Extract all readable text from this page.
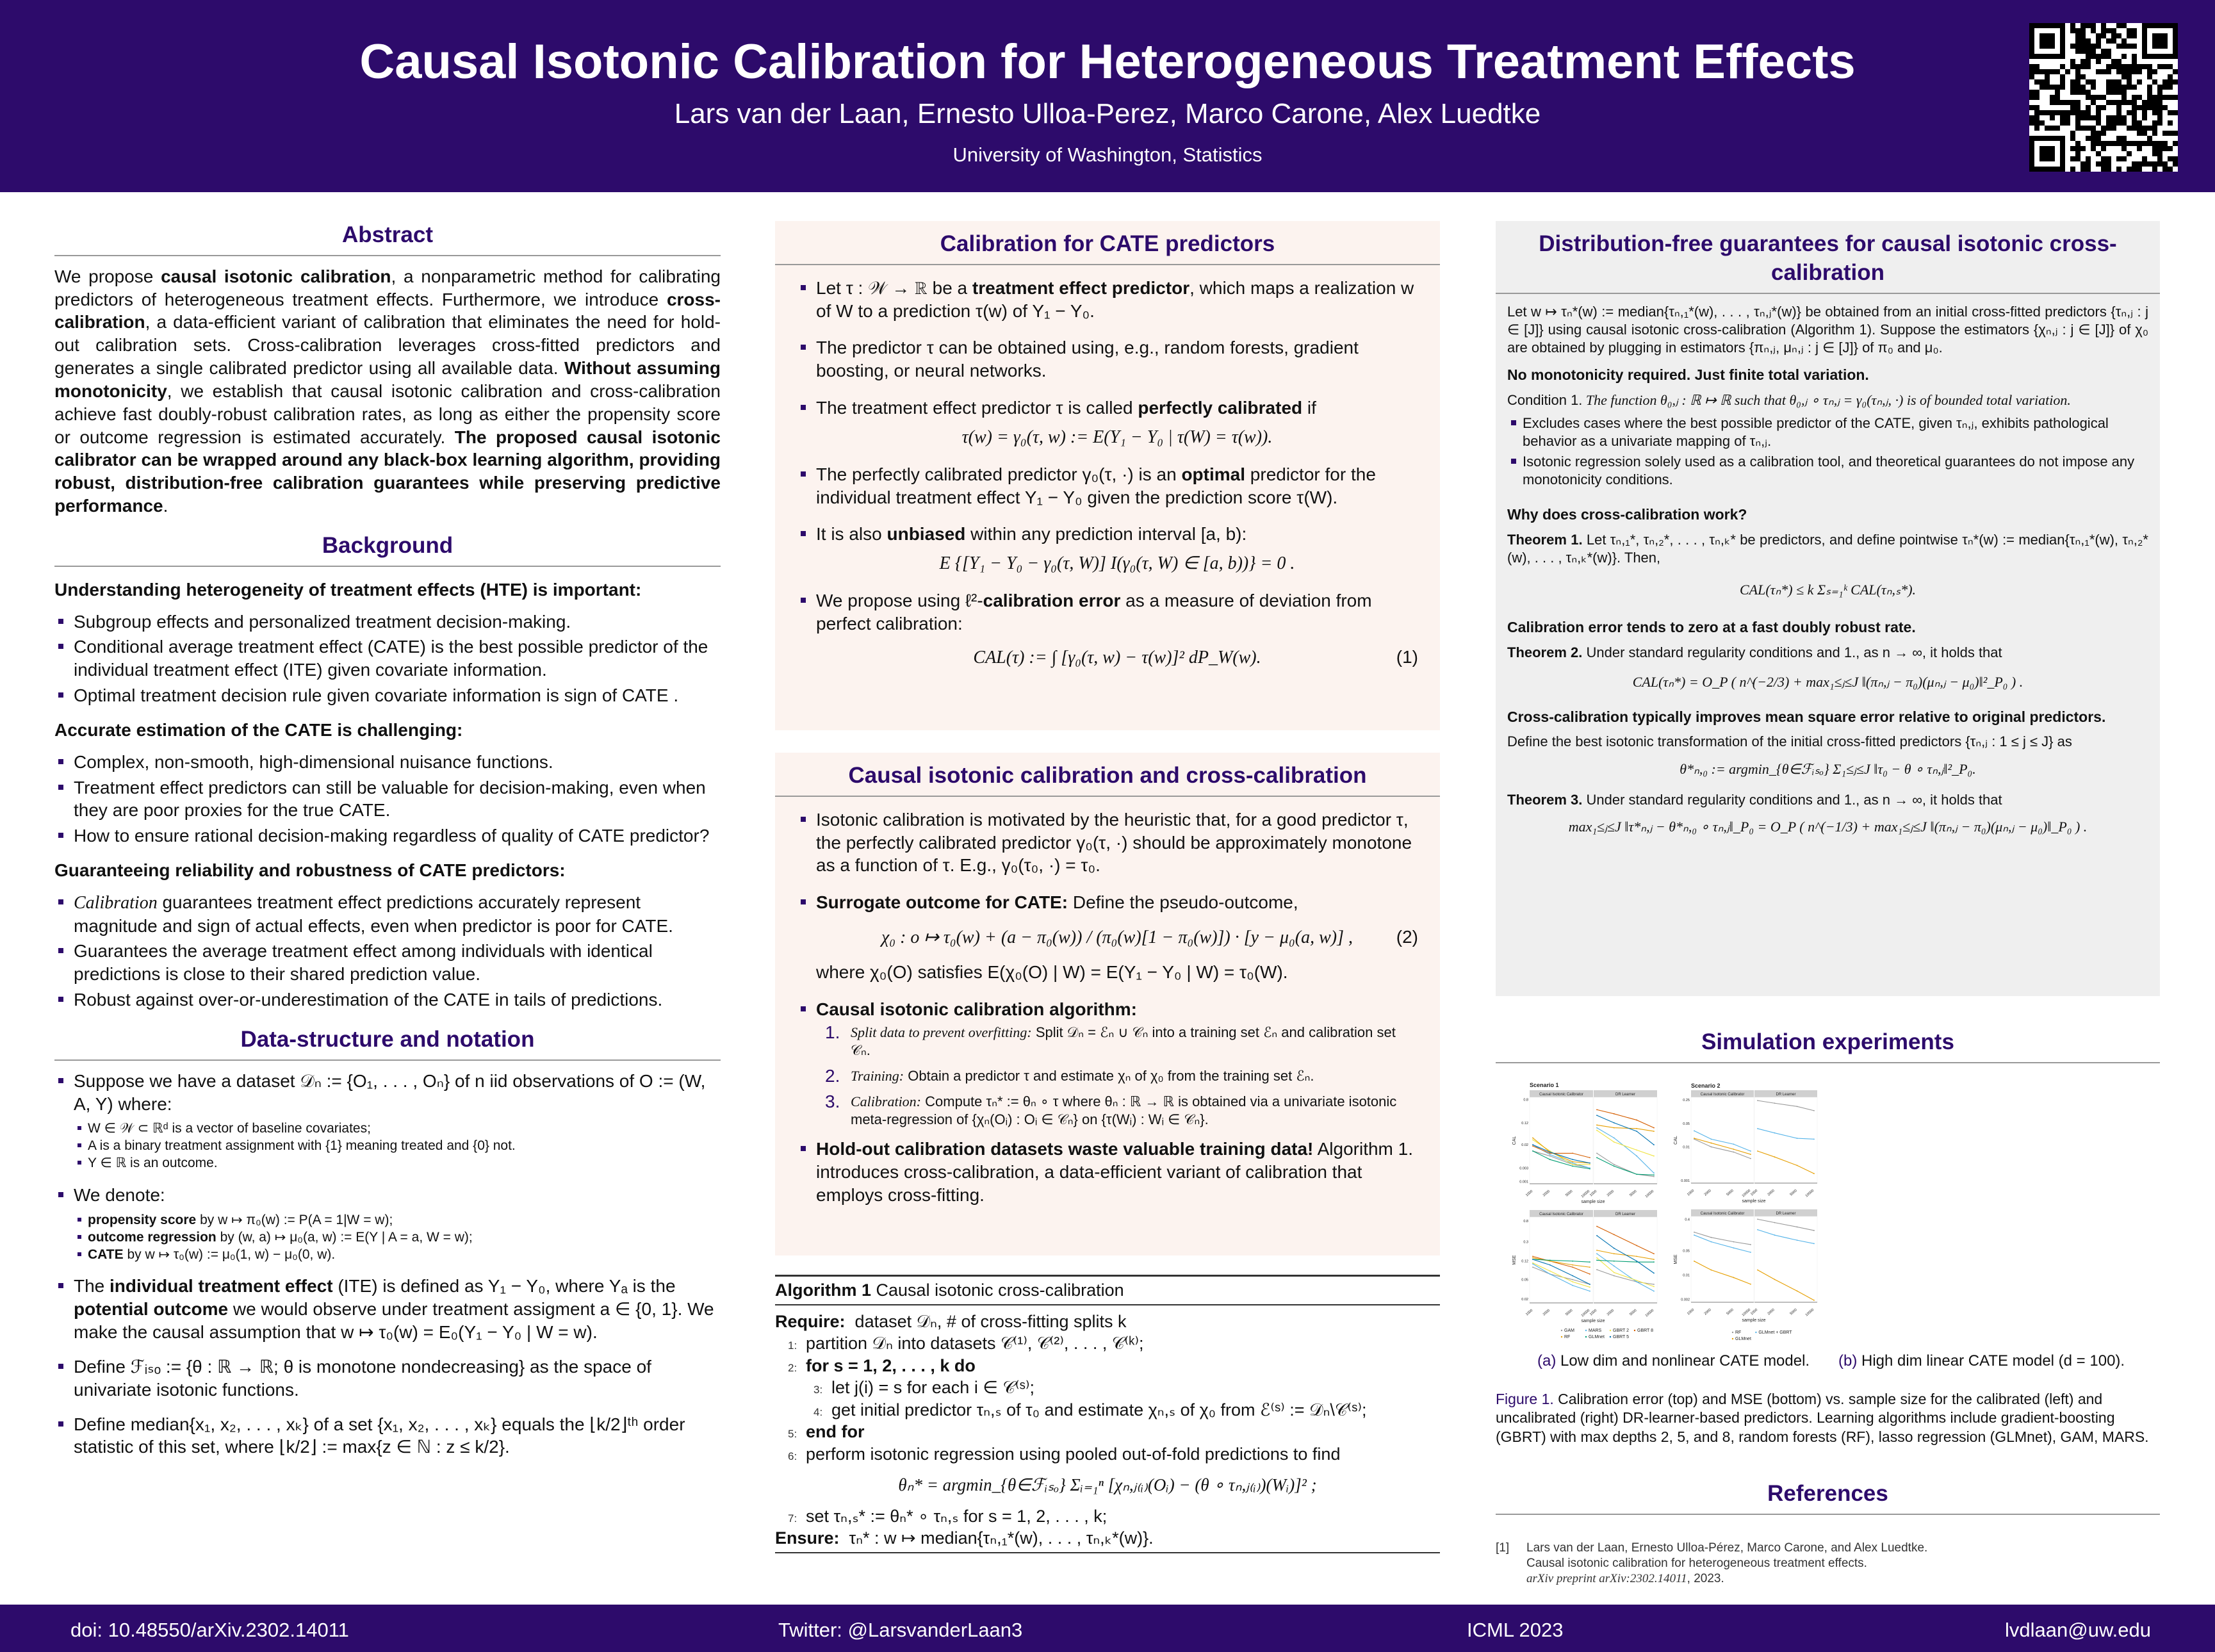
Causal Isotonic Calibration for Heterogeneous Treatment Effects
Lars van der Laan, Ernesto Ulloa-Perez, Marco Carone, Alex Luedtke
University of Washington, Statistics
Abstract

We propose causal isotonic calibration, a nonparametric method for calibrating predictors of heterogeneous treatment effects. Furthermore, we introduce cross-calibration, a data-efficient variant of calibration that eliminates the need for hold-out calibration sets. Cross-calibration leverages cross-fitted predictors and generates a single calibrated predictor using all available data. Without assuming monotonicity, we establish that causal isotonic calibration and cross-calibration achieve fast doubly-robust calibration rates, as long as either the propensity score or outcome regression is estimated accurately. The proposed causal isotonic calibrator can be wrapped around any black-box learning algorithm, providing robust, distribution-free calibration guarantees while preserving predictive performance.

Background
Understanding heterogeneity of treatment effects (HTE) is important:
Subgroup effects and personalized treatment decision-making.
Conditional average treatment effect (CATE) is the best possible predictor of the individual treatment effect (ITE) given covariate information.
Optimal treatment decision rule given covariate information is sign of CATE .
Accurate estimation of the CATE is challenging:
Complex, non-smooth, high-dimensional nuisance functions.
Treatment effect predictors can still be valuable for decision-making, even when they are poor proxies for the true CATE.
How to ensure rational decision-making regardless of quality of CATE predictor?
Guaranteeing reliability and robustness of CATE predictors:
Calibration guarantees treatment effect predictions accurately represent magnitude and sign of actual effects, even when predictor is poor for CATE.
Guarantees the average treatment effect among individuals with identical predictions is close to their shared prediction value.
Robust against over-or-underestimation of the CATE in tails of predictions.
Data-structure and notation
Suppose we have a dataset 𝒟ₙ := {O₁, . . . , Oₙ} of n iid observations of O := (W, A, Y) where:
W ∈ 𝒲 ⊂ ℝᵈ is a vector of baseline covariates;
A is a binary treatment assignment with {1} meaning treated and {0} not.
Y ∈ ℝ is an outcome.
We denote:
propensity score by w ↦ π₀(w) := P(A = 1|W = w);
outcome regression by (w, a) ↦ μ₀(a, w) := E(Y | A = a, W = w);
CATE by w ↦ τ₀(w) := μ₀(1, w) − μ₀(0, w).
The individual treatment effect (ITE) is defined as Y₁ − Y₀, where Yₐ is the potential outcome we would observe under treatment assigment a ∈ {0, 1}. We make the causal assumption that w ↦ τ₀(w) = E₀(Y₁ − Y₀ | W = w).
Define ℱᵢₛₒ := {θ : ℝ → ℝ; θ is monotone nondecreasing} as the space of univariate isotonic functions.
Define median{x₁, x₂, . . . , xₖ} of a set {x₁, x₂, . . . , xₖ} equals the ⌊k/2⌋ᵗʰ order statistic of this set, where ⌊k/2⌋ := max{z ∈ ℕ : z ≤ k/2}.
Calibration for CATE predictors
Let τ : 𝒲 → ℝ be a treatment effect predictor, which maps a realization w of W to a prediction τ(w) of Y₁ − Y₀.
The predictor τ can be obtained using, e.g., random forests, gradient boosting, or neural networks.
The treatment effect predictor τ is called perfectly calibrated if
τ(w) = γ₀(τ, w) := E(Y₁ − Y₀ | τ(W) = τ(w)).
The perfectly calibrated predictor γ₀(τ, ·) is an optimal predictor for the individual treatment effect Y₁ − Y₀ given the prediction score τ(W).
It is also unbiased within any prediction interval [a, b):
E {[Y₁ − Y₀ − γ₀(τ, W)] I(γ₀(τ, W) ∈ [a, b))} = 0 .
We propose using ℓ²-calibration error as a measure of deviation from perfect calibration:
CAL(τ) := ∫ [γ₀(τ, w) − τ(w)]² dP_W(w).	(1)
Causal isotonic calibration and cross-calibration
Isotonic calibration is motivated by the heuristic that, for a good predictor τ, the perfectly calibrated predictor γ₀(τ, ·) should be approximately monotone as a function of τ. E.g., γ₀(τ₀, ·) = τ₀.
Surrogate outcome for CATE: Define the pseudo-outcome,
χ₀ : o ↦ τ₀(w) + (a − π₀(w)) / (π₀(w)[1 − π₀(w)]) · [y − μ₀(a, w)] , (2)
where χ₀(O) satisfies E(χ₀(O) | W) = E(Y₁ − Y₀ | W) = τ₀(W).
Causal isotonic calibration algorithm:
1. Split data to prevent overfitting: Split 𝒟ₙ = ℰₙ ∪ 𝒞ₙ into a training set ℰₙ and calibration set 𝒞ₙ.
2. Training: Obtain a predictor τ and estimate χₙ of χ₀ from the training set ℰₙ.
3. Calibration: Compute τₙ* := θₙ ∘ τ where θₙ : ℝ → ℝ is obtained via a univariate isotonic meta-regression of {χₙ(Oᵢ) : Oᵢ ∈ 𝒞ₙ} on {τ(Wᵢ) : Wᵢ ∈ 𝒞ₙ}.
Hold-out calibration datasets waste valuable training data! Algorithm 1. introduces cross-calibration, a data-efficient variant of calibration that employs cross-fitting.
Algorithm 1 Causal isotonic cross-calibration
Require: dataset 𝒟ₙ, # of cross-fitting splits k
1: partition 𝒟ₙ into datasets 𝒞⁽¹⁾, 𝒞⁽²⁾, . . . , 𝒞⁽ᵏ⁾;
2: for s = 1, 2, . . . , k do
3: let j(i) = s for each i ∈ 𝒞⁽ˢ⁾;
4: get initial predictor τₙ,ₛ of τ₀ and estimate χₙ,ₛ of χ₀ from ℰ⁽ˢ⁾ := 𝒟ₙ\𝒞⁽ˢ⁾;
5: end for
6: perform isotonic regression using pooled out-of-fold predictions to find
θₙ* = argmin_{θ∈ℱᵢₛₒ} Σᵢ₌₁ⁿ [χₙ,ⱼ₍ᵢ₎(Oᵢ) − (θ ∘ τₙ,ⱼ₍ᵢ₎)(Wᵢ)]² ;
7: set τₙ,ₛ* := θₙ* ∘ τₙ,ₛ for s = 1, 2, . . . , k;
Ensure: τₙ* : w ↦ median{τₙ,₁*(w), . . . , τₙ,ₖ*(w)}.
Distribution-free guarantees for causal isotonic cross-calibration

Let w ↦ τₙ*(w) := median{τₙ,₁*(w), . . . , τₙ,ⱼ*(w)} be obtained from an initial cross-fitted predictors {τₙ,ⱼ : j ∈ [J]} using causal isotonic cross-calibration (Algorithm 1). Suppose the estimators {χₙ,ⱼ : j ∈ [J]} of χ₀ are obtained by plugging in estimators {πₙ,ⱼ, μₙ,ⱼ : j ∈ [J]} of π₀ and μ₀.

No monotonicity required. Just finite total variation.

Condition 1. The function θ₀,ⱼ : ℝ ↦ ℝ such that θ₀,ⱼ ∘ τₙ,ⱼ = γ₀(τₙ,ⱼ, ·) is of bounded total variation.

Excludes cases where the best possible predictor of the CATE, given τₙ,ⱼ, exhibits pathological behavior as a univariate mapping of τₙ,ⱼ.
Isotonic regression solely used as a calibration tool, and theoretical guarantees do not impose any monotonicity conditions.
Why does cross-calibration work?

Theorem 1. Let τₙ,₁*, τₙ,₂*, . . . , τₙ,ₖ* be predictors, and define pointwise τₙ*(w) := median{τₙ,₁*(w), τₙ,₂*(w), . . . , τₙ,ₖ*(w)}. Then,

CAL(τₙ*) ≤ k Σₛ₌₁ᵏ CAL(τₙ,ₛ*).
Calibration error tends to zero at a fast doubly robust rate.

Theorem 2. Under standard regularity conditions and 1., as n → ∞, it holds that

CAL(τₙ*) = O_P ( n^(−2/3) + max₁≤ⱼ≤J ‖(πₙ,ⱼ − π₀)(μₙ,ⱼ − μ₀)‖²_P₀ ) .
Cross-calibration typically improves mean square error relative to original predictors.

Define the best isotonic transformation of the initial cross-fitted predictors {τₙ,ⱼ : 1 ≤ j ≤ J} as

θ*ₙ,₀ := argmin_{θ∈ℱᵢₛₒ} Σ₁≤ⱼ≤J ‖τ₀ − θ ∘ τₙ,ⱼ‖²_P₀.

Theorem 3. Under standard regularity conditions and 1., as n → ∞, it holds that

max₁≤ⱼ≤J ‖τ*ₙ,ⱼ − θ*ₙ,₀ ∘ τₙ,ⱼ‖_P₀ = O_P ( n^(−1/3) + max₁≤ⱼ≤J ‖(πₙ,ⱼ − π₀)(μₙ,ⱼ − μ₀)‖_P₀ ) .
Simulation experiments
Scenario 1
CAL
0.001
0.003
0.02
0.12
0.8
Causal Isotonic Calibrator
1000 2000	5000 10000
DR Learner
1000 2000	5000 10000
sample size
MSE
0.02
0.05
0.12
0.3
0.8
Causal Isotonic Calibrator
1000 2000	5000 10000
DR Learner
1000 2000	5000 10000
sample size
GAM	MARS	GBRT 2 GBRT 8
RF	GLMnet GBRT 5
Scenario 2
CAL
0.001
0.01
0.05
0.25
Causal Isotonic Calibrator
1000 2000	5000 10000
DR Learner
1000 2000	5000 10000
sample size
MSE
0.002
0.01
0.05
0.4
Causal Isotonic Calibrator
1000 2000	5000 10000
DR Learner
1000 2000	5000 10000
sample size
RF	GLMnet + GBRT
GLMnet
(a) Low dim and nonlinear CATE model. (b) High dim linear CATE model (d = 100).
Figure 1. Calibration error (top) and MSE (bottom) vs. sample size for the calibrated (left) and uncalibrated (right) DR-learner-based predictors. Learning algorithms include gradient-boosting (GBRT) with max depths 2, 5, and 8, random forests (RF), lasso regression (GLMnet), GAM, MARS.
References
[1] Lars van der Laan, Ernesto Ulloa-Pérez, Marco Carone, and Alex Luedtke.
Causal isotonic calibration for heterogeneous treatment effects.
arXiv preprint arXiv:2302.14011, 2023.
doi: 10.48550/arXiv.2302.14011	Twitter: @LarsvanderLaan3	ICML 2023	lvdlaan@uw.edu
